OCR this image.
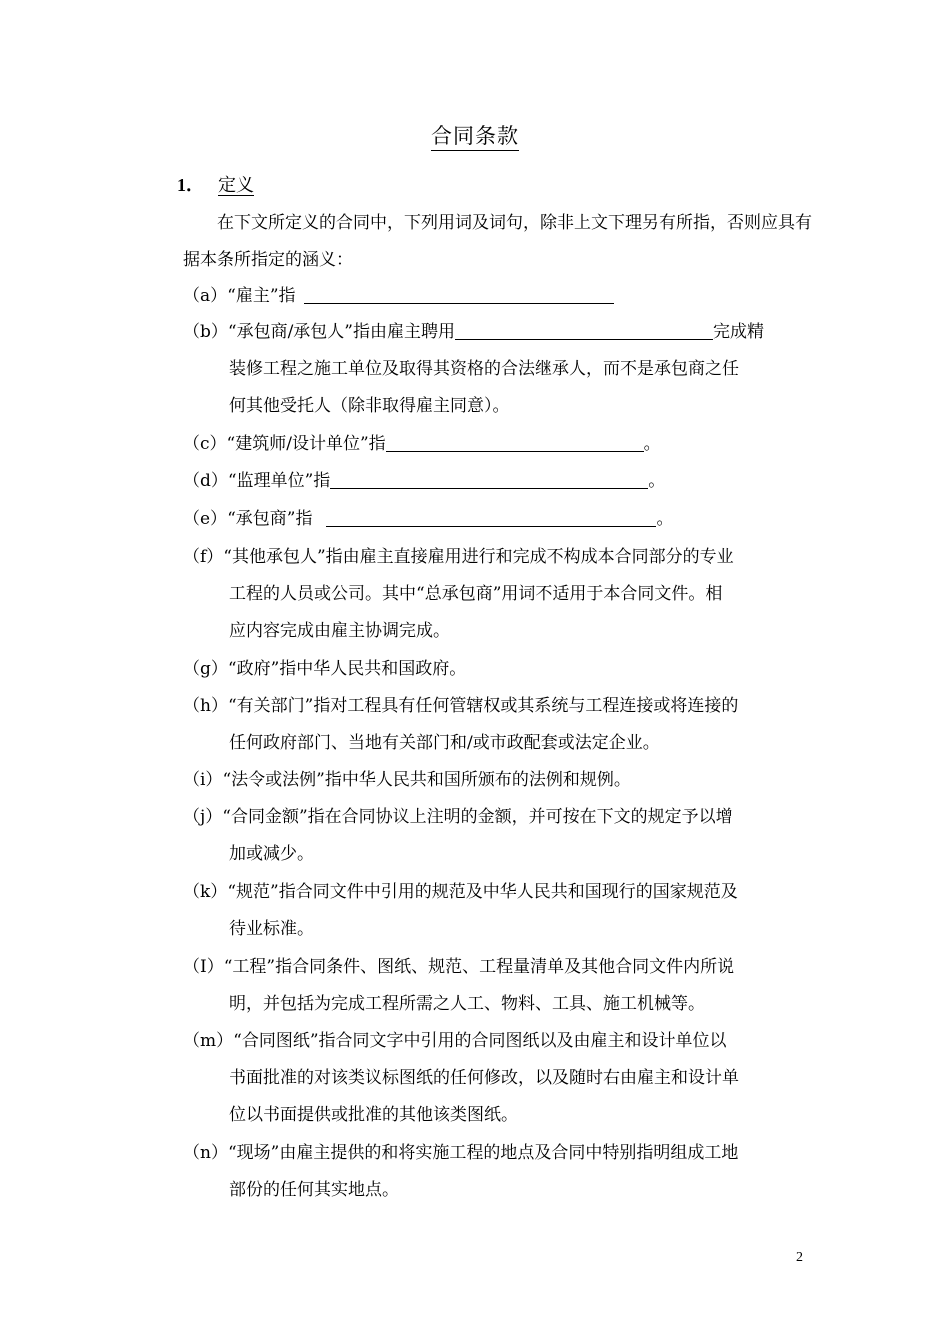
合同条款
1． 定义
在下文所定义的合同中，下列用词及词句，除非上文下理另有所指，否则应具有据本条所指定的涵义：
（a）“雇主”指
（b）“承包商/承包人”指由雇主聘用	完成精
装修工程之施工单位及取得其资格的合法继承人，而不是承包商之任
何其他受托人（除非取得雇主同意）。
（c）“建筑师/设计单位”指	。
（d）“监理单位”指	。
（e）“承包商”指	。
（f）“其他承包人”指由雇主直接雇用进行和完成不构成本合同部分的专业
工程的人员或公司。其中“总承包商”用词不适用于本合同文件。相
应内容完成由雇主协调完成。
（g）“政府”指中华人民共和国政府。
（h）“有关部门”指对工程具有任何管辖权或其系统与工程连接或将连接的
任何政府部门、当地有关部门和/或市政配套或法定企业。
（i）“法令或法例”指中华人民共和国所颁布的法例和规例。
（j）“合同金额”指在合同协议上注明的金额，并可按在下文的规定予以增
加或减少。
（k）“规范”指合同文件中引用的规范及中华人民共和国现行的国家规范及
待业标准。
（I）“工程”指合同条件、图纸、规范、工程量清单及其他合同文件内所说
明，并包括为完成工程所需之人工、物料、工具、施工机械等。
（m）“合同图纸”指合同文字中引用的合同图纸以及由雇主和设计单位以
书面批准的对该类议标图纸的任何修改，以及随时右由雇主和设计单
位以书面提供或批准的其他该类图纸。
（n）“现场”由雇主提供的和将实施工程的地点及合同中特别指明组成工地
部份的任何其实地点。
2
